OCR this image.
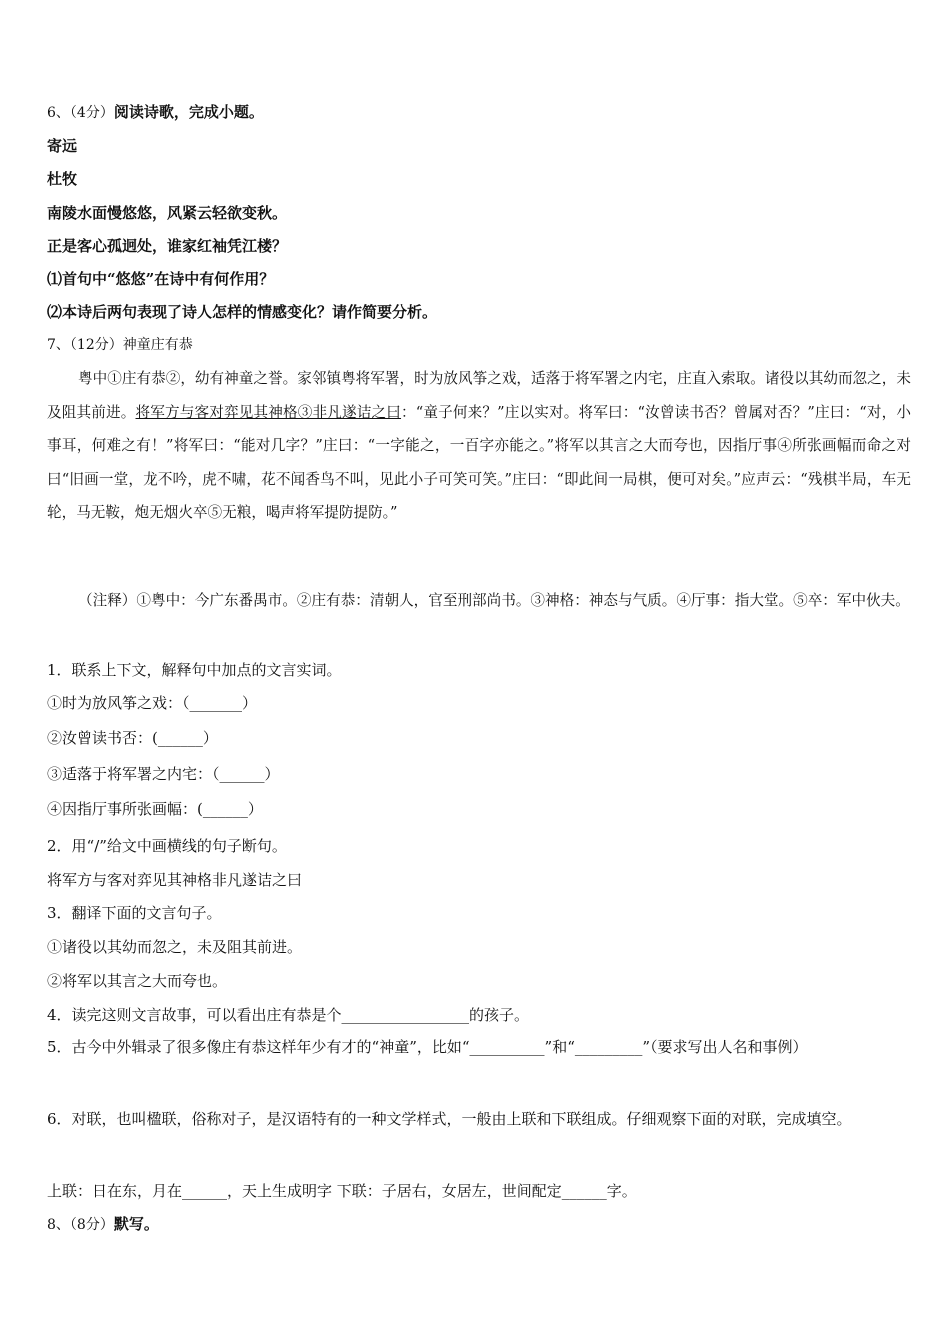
6、（4分）阅读诗歌，完成小题。
寄远
杜牧
南陵水面慢悠悠，风紧云轻欲变秋。
正是客心孤迥处，谁家红袖凭江楼？
⑴首句中“悠悠”在诗中有何作用？
⑵本诗后两句表现了诗人怎样的情感变化？请作简要分析。
7、（12分）神童庄有恭
粤中①庄有恭②，幼有神童之誉。家邻镇粤将军署，时为放风筝之戏，适落于将军署之内宅，庄直入索取。诸役以其幼而忽之，未及阻其前进。将军方与客对弈见其神格③非凡遂诘之曰：“童子何来？”庄以实对。将军曰：“汝曾读书否？曾属对否？”庄曰：“对，小事耳，何难之有！”将军曰：“能对几字？”庄曰：“一字能之，一百字亦能之。”将军以其言之大而夸也，因指厅事④所张画幅而命之对曰“旧画一堂，龙不吟，虎不啸，花不闻香鸟不叫，见此小子可笑可笑。”庄曰：“即此间一局棋，便可对矣。”应声云：“残棋半局，车无轮，马无鞍，炮无烟火卒⑤无粮，喝声将军提防提防。”
（注释）①粤中：今广东番禺市。②庄有恭：清朝人，官至刑部尚书。③神格：神态与气质。④厅事：指大堂。⑤卒：军中伙夫。
1．联系上下文，解释句中加点的文言实词。
①时为放风筝之戏：（_______）
②汝曾读书否：(______）
③适落于将军署之内宅：（______）
④因指厅事所张画幅：(______）
2．用“/”给文中画横线的句子断句。
将军方与客对弈见其神格非凡遂诘之曰
3．翻译下面的文言句子。
①诸役以其幼而忽之，未及阻其前进。
②将军以其言之大而夸也。
4．读完这则文言故事，可以看出庄有恭是个_________________的孩子。
5．古今中外辑录了很多像庄有恭这样年少有才的“神童”，比如“__________”和“_________”（要求写出人名和事例）
6．对联，也叫楹联，俗称对子，是汉语特有的一种文学样式，一般由上联和下联组成。仔细观察下面的对联，完成填空。
上联：日在东，月在______，天上生成明字 下联：子居右，女居左，世间配定______字。
8、（8分）默写。
